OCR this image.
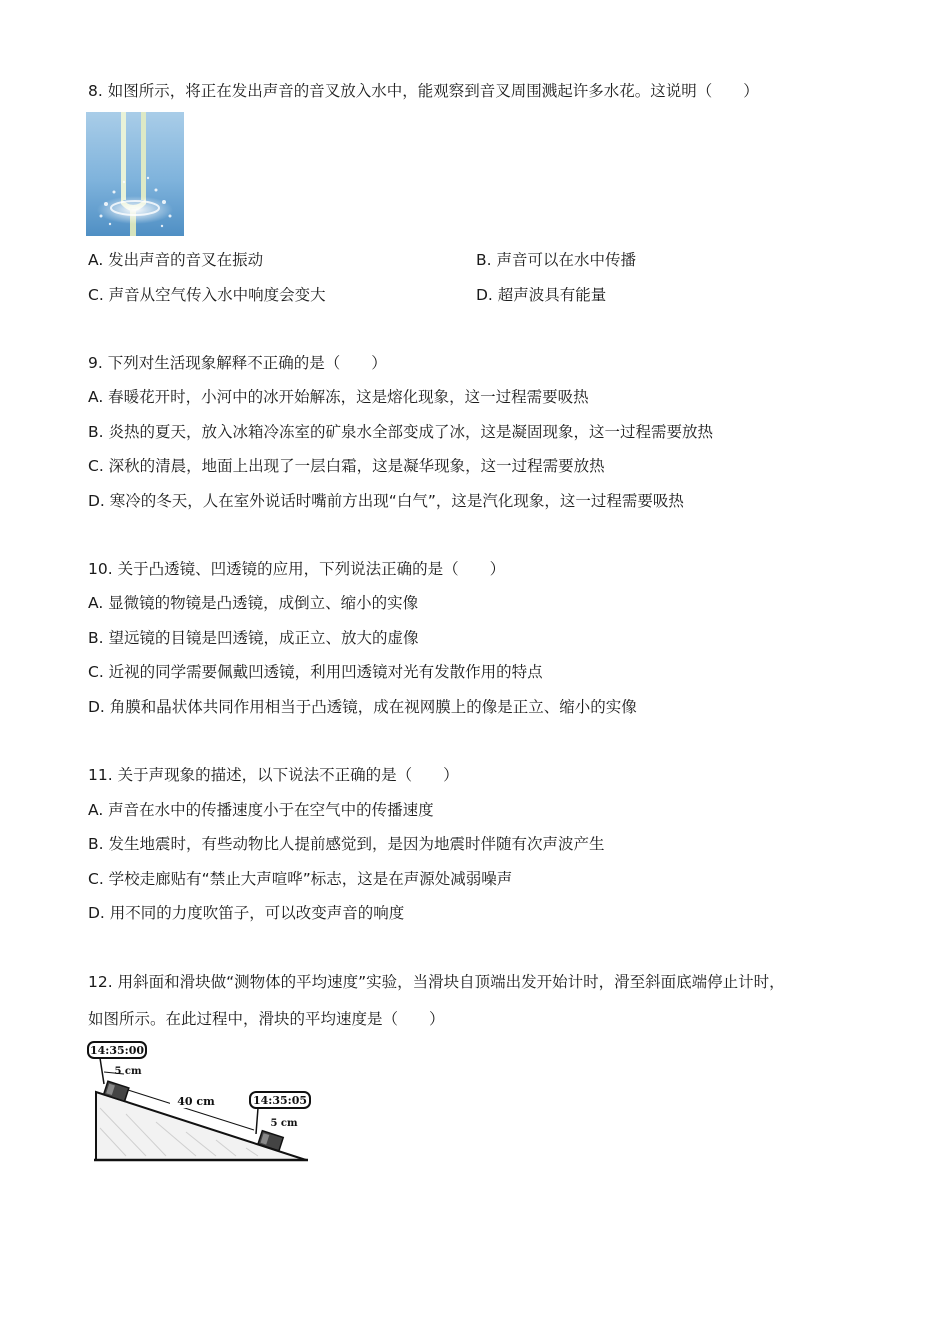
8. 如图所示，将正在发出声音的音叉放入水中，能观察到音叉周围溅起许多水花。这说明（　　）
A. 发出声音的音叉在振动	B. 声音可以在水中传播
C. 声音从空气传入水中响度会变大	D. 超声波具有能量
9. 下列对生活现象解释不正确的是（　　）
A. 春暖花开时，小河中的冰开始解冻，这是熔化现象，这一过程需要吸热
B. 炎热的夏天，放入冰箱冷冻室的矿泉水全部变成了冰，这是凝固现象，这一过程需要放热
C. 深秋的清晨，地面上出现了一层白霜，这是凝华现象，这一过程需要放热
D. 寒冷的冬天，人在室外说话时嘴前方出现“白气”，这是汽化现象，这一过程需要吸热
10. 关于凸透镜、凹透镜的应用，下列说法正确的是（　　）
A. 显微镜的物镜是凸透镜，成倒立、缩小的实像
B. 望远镜的目镜是凹透镜，成正立、放大的虚像
C. 近视的同学需要佩戴凹透镜，利用凹透镜对光有发散作用的特点
D. 角膜和晶状体共同作用相当于凸透镜，成在视网膜上的像是正立、缩小的实像
11. 关于声现象的描述，以下说法不正确的是（　　）
A. 声音在水中的传播速度小于在空气中的传播速度
B. 发生地震时，有些动物比人提前感觉到，是因为地震时伴随有次声波产生
C. 学校走廊贴有“禁止大声喧哗”标志，这是在声源处减弱噪声
D. 用不同的力度吹笛子，可以改变声音的响度
12. 用斜面和滑块做“测物体的平均速度”实验，当滑块自顶端出发开始计时，滑至斜面底端停止计时，
如图所示。在此过程中，滑块的平均速度是（　　）
14:35:00
5 cm
40 cm	14:35:05
5 cm
